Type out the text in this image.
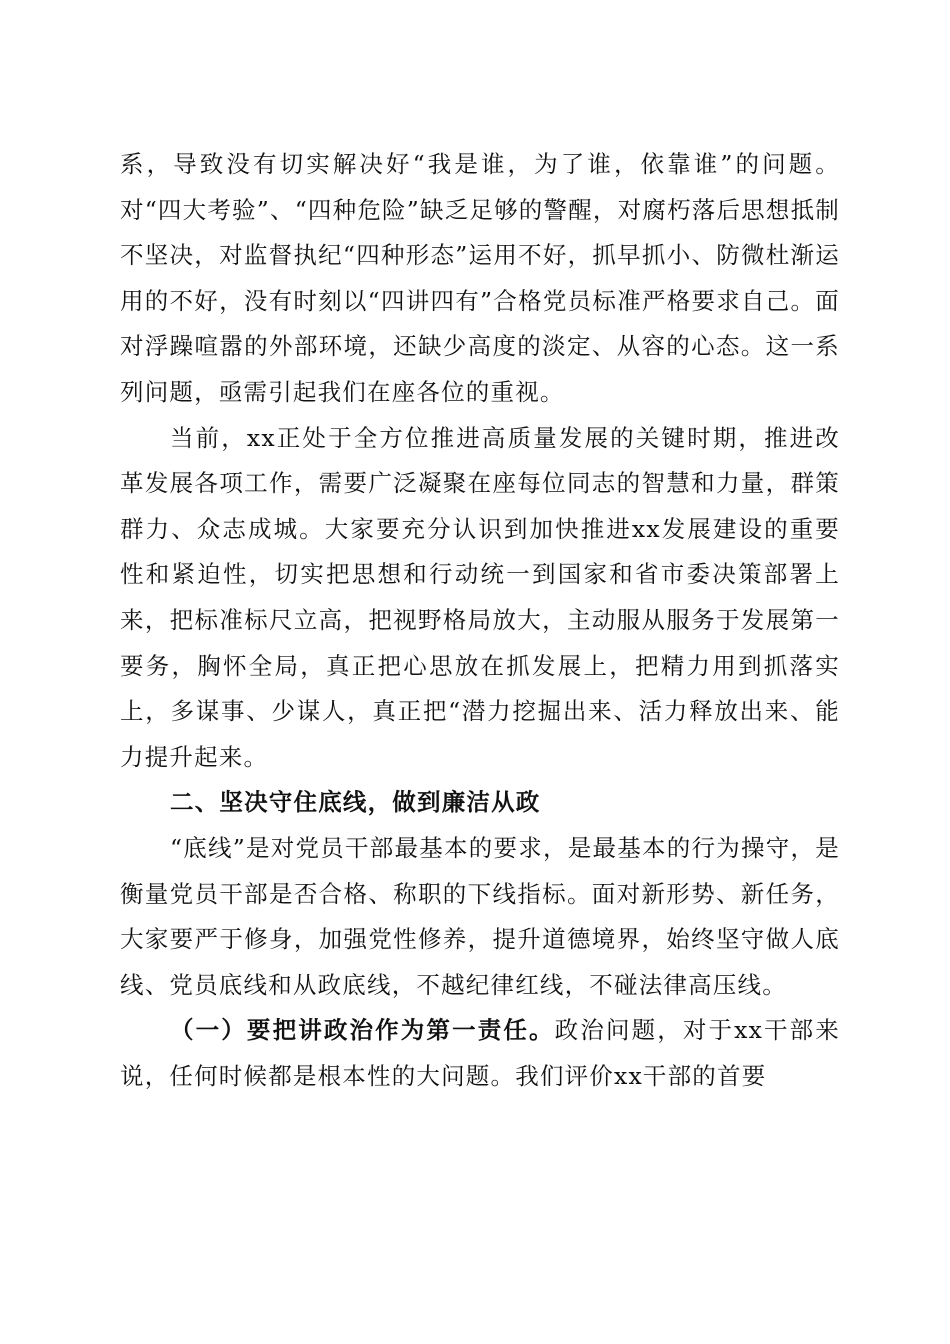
系，导致没有切实解决好“我是谁，为了谁，依靠谁”的问题。对“四大考验”、“四种危险”缺乏足够的警醒，对腐朽落后思想抵制不坚决，对监督执纪“四种形态”运用不好，抓早抓小、防微杜渐运用的不好，没有时刻以“四讲四有”合格党员标准严格要求自己。面对浮躁喧嚣的外部环境，还缺少高度的淡定、从容的心态。这一系列问题，亟需引起我们在座各位的重视。

当前，xx正处于全方位推进高质量发展的关键时期，推进改革发展各项工作，需要广泛凝聚在座每位同志的智慧和力量，群策群力、众志成城。大家要充分认识到加快推进xx发展建设的重要性和紧迫性，切实把思想和行动统一到国家和省市委决策部署上来，把标准标尺立高，把视野格局放大，主动服从服务于发展第一要务，胸怀全局，真正把心思放在抓发展上，把精力用到抓落实上，多谋事、少谋人，真正把“潜力挖掘出来、活力释放出来、能力提升起来。

二、坚决守住底线，做到廉洁从政

“底线”是对党员干部最基本的要求，是最基本的行为操守，是衡量党员干部是否合格、称职的下线指标。面对新形势、新任务，大家要严于修身，加强党性修养，提升道德境界，始终坚守做人底线、党员底线和从政底线，不越纪律红线，不碰法律高压线。

（一）要把讲政治作为第一责任。政治问题，对于xx干部来说，任何时候都是根本性的大问题。我们评价xx干部的首要
